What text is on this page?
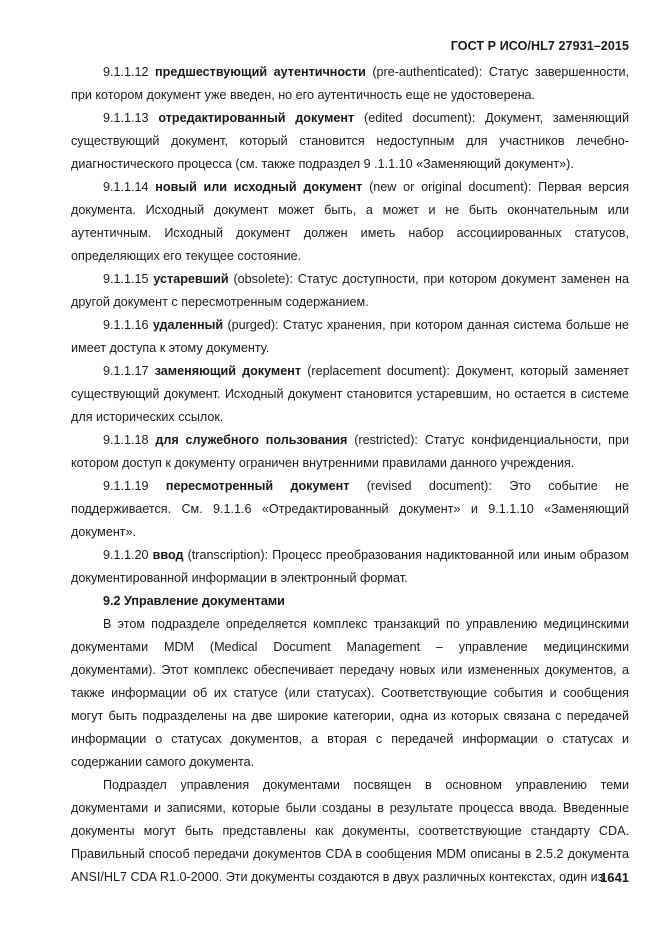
ГОСТ Р ИСО/HL7 27931–2015

9.1.1.12 предшествующий аутентичности (pre-authenticated): Статус завершенности, при котором документ уже введен, но его аутентичность еще не удостоверена.

9.1.1.13 отредактированный документ (edited document): Документ, заменяющий существующий документ, который становится недоступным для участников лечебно-диагностического процесса (см. также подраздел 9 .1.1.10 «Заменяющий документ»).

9.1.1.14 новый или исходный документ (new or original document): Первая версия документа. Исходный документ может быть, а может и не быть окончательным или аутентичным. Исходный документ должен иметь набор ассоциированных статусов, определяющих его текущее состояние.

9.1.1.15 устаревший (obsolete): Статус доступности, при котором документ заменен на другой документ с пересмотренным содержанием.

9.1.1.16 удаленный (purged): Статус хранения, при котором данная система больше не имеет доступа к этому документу.

9.1.1.17 заменяющий документ (replacement document): Документ, который заменяет существующий документ. Исходный документ становится устаревшим, но остается в системе для исторических ссылок.

9.1.1.18 для служебного пользования (restricted): Статус конфиденциальности, при котором доступ к документу ограничен внутренними правилами данного учреждения.

9.1.1.19 пересмотренный документ (revised document): Это событие не поддерживается. См. 9.1.1.6 «Отредактированный документ» и 9.1.1.10 «Заменяющий документ».

9.1.1.20 ввод (transcription): Процесс преобразования надиктованной или иным образом документированной информации в электронный формат.

9.2 Управление документами

В этом подразделе определяется комплекс транзакций по управлению медицинскими документами MDM (Medical Document Management – управление медицинскими документами). Этот комплекс обеспечивает передачу новых или измененных документов, а также информации об их статусе (или статусах). Соответствующие события и сообщения могут быть подразделены на две широкие категории, одна из которых связана с передачей информации о статусах документов, а вторая с передачей информации о статусах и содержании самого документа.

Подраздел управления документами посвящен в основном управлению теми документами и записями, которые были созданы в результате процесса ввода. Введенные документы могут быть представлены как документы, соответствующие стандарту CDA. Правильный способ передачи документов CDA в сообщения MDM описаны в 2.5.2 документа ANSI/HL7 CDA R1.0-2000. Эти документы создаются в двух различных контекстах, один из

1641
